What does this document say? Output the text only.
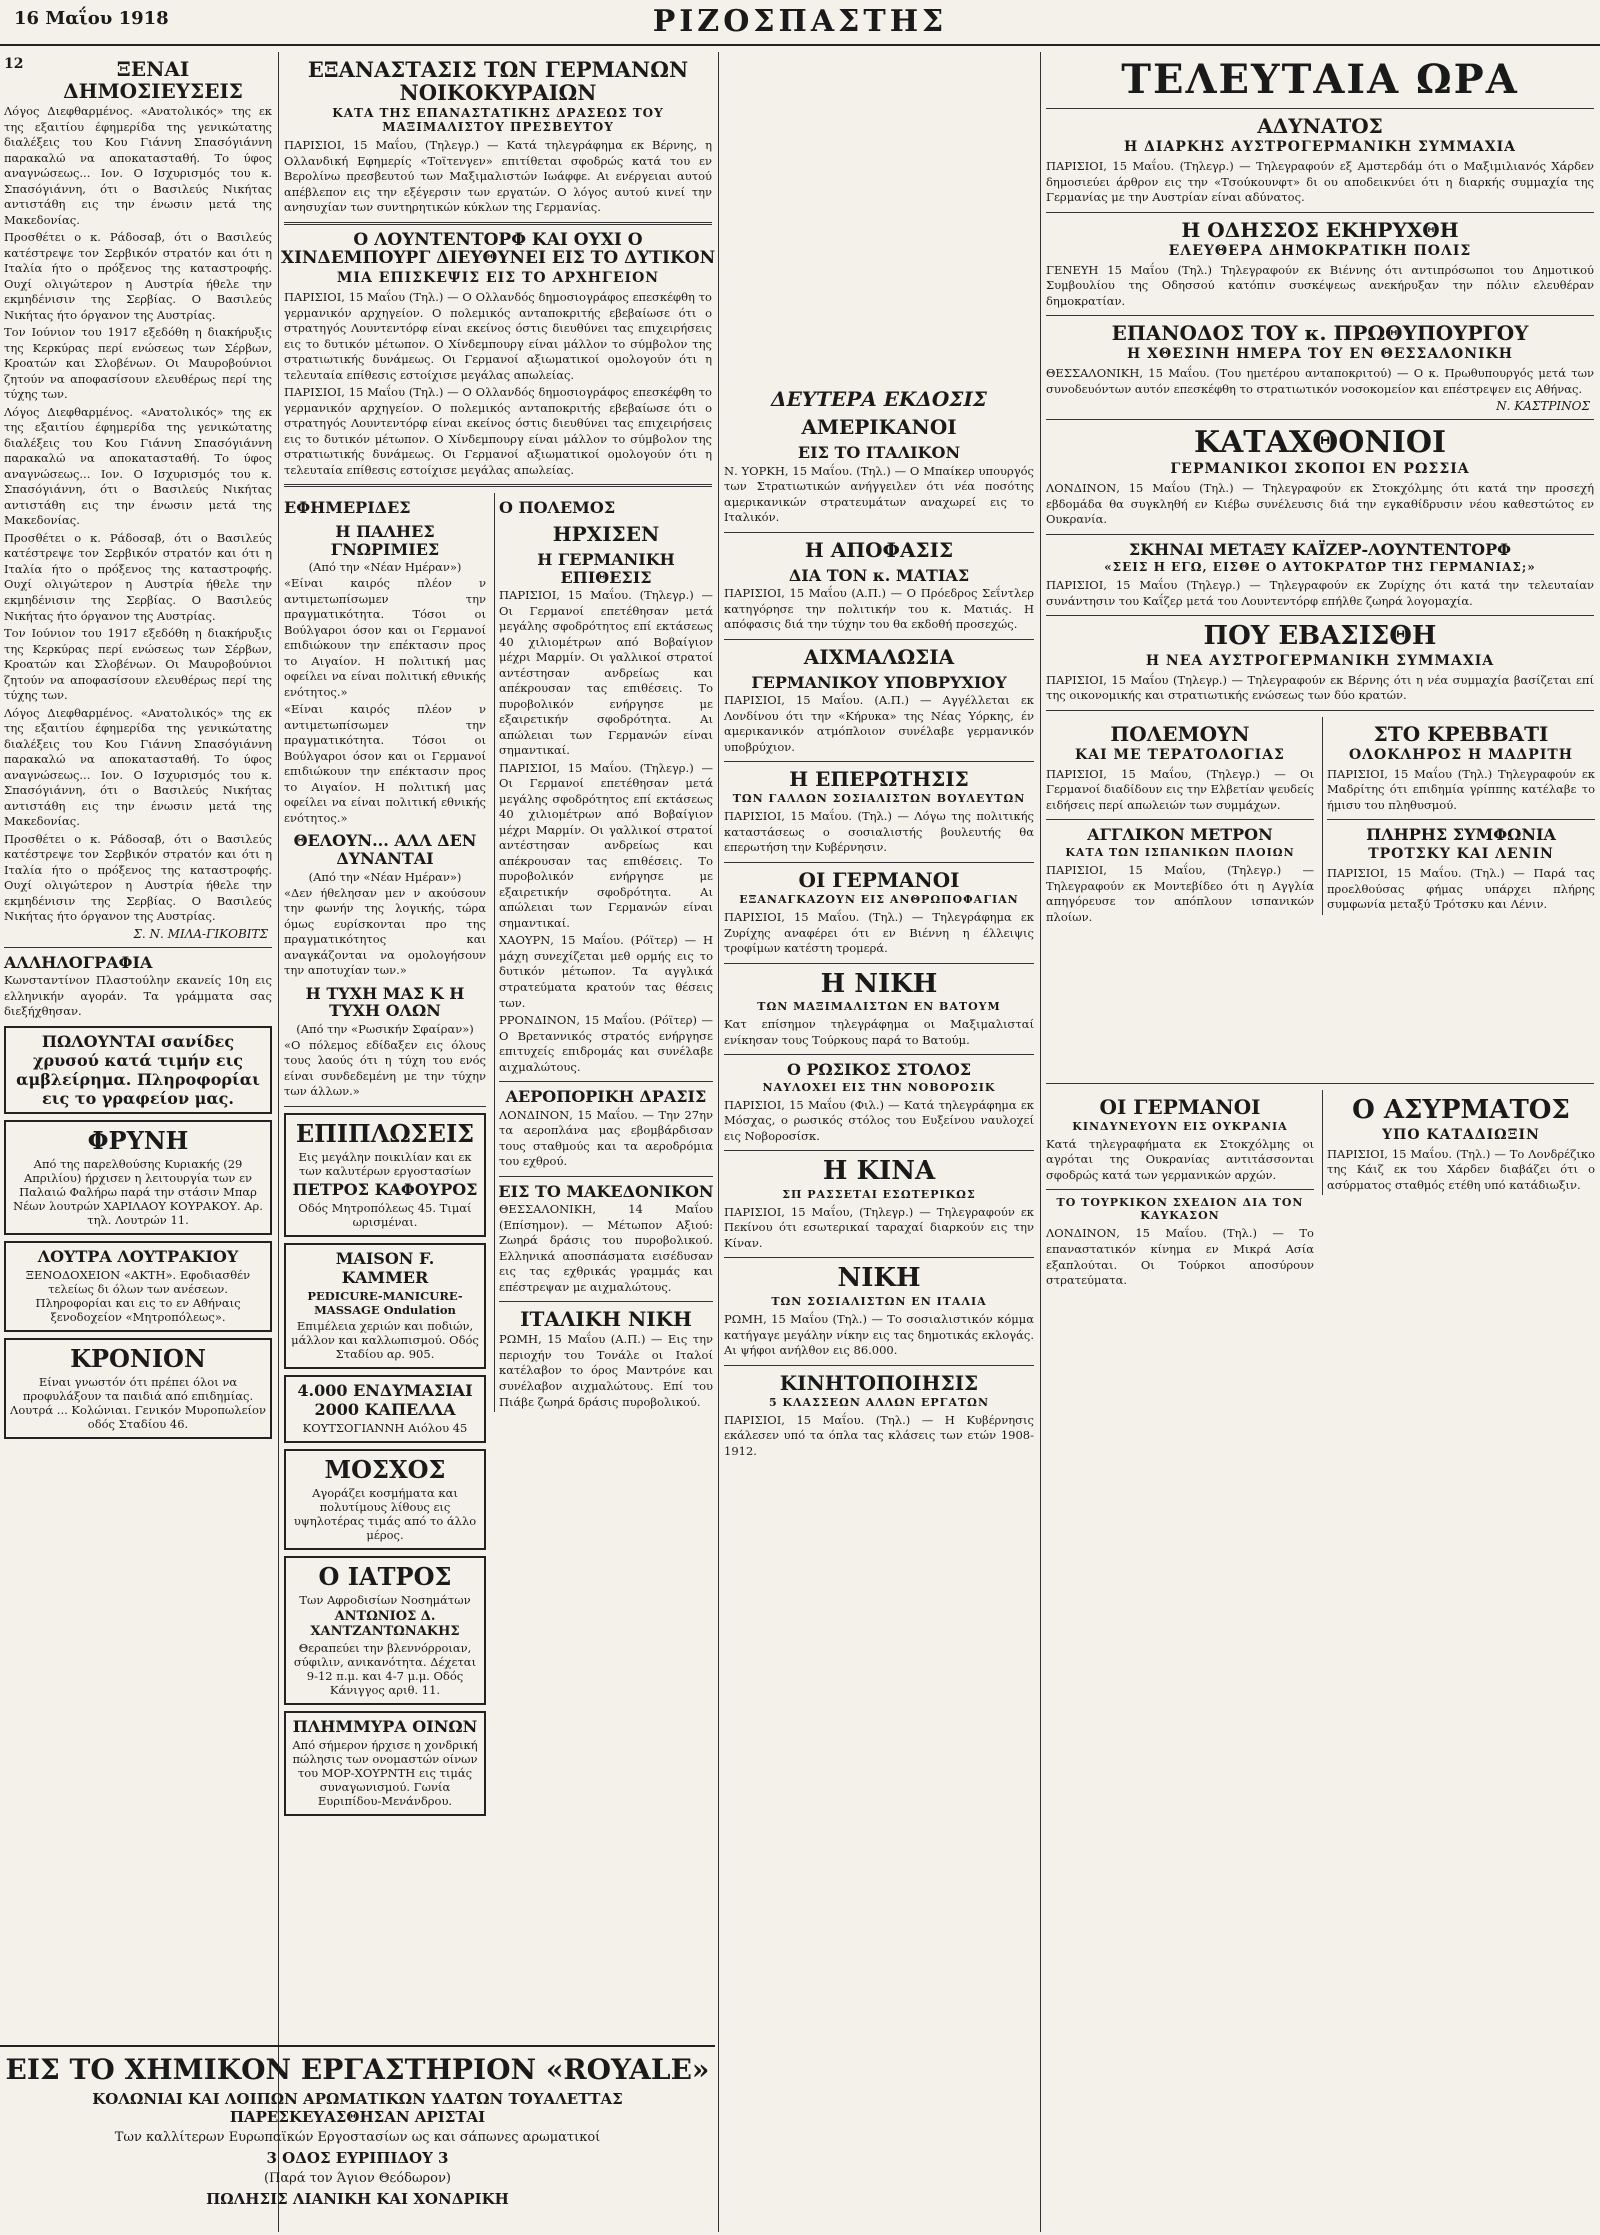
16 Μαΐου 1918	ΡΙΖΟΣΠΑΣΤΗΣ
12	ΞΕΝΑΙ ΔΗΜΟΣΙΕΥΣΕΙΣ
Λόγος Διεφθαρμένος. «Ανατολικός» της εκ της εξαιτίου έφημερίδα της γενικώτατης διαλέξεις του Κου Γιάννη Σπασόγιάννη παρακαλώ να αποκατασταθή. Το ύφος αναγνώσεως... Ιον. Ο Ισχυρισμός του κ. Σπασόγιάννη, ότι ο Βασιλεύς Νικήτας αντιστάθη εις την ένωσιν μετά της Μακεδονίας.
Προσθέτει ο κ. Ράδοσαβ, ότι ο Βασιλεύς κατέστρεψε τον Σερβικόν στρατόν και ότι η Ιταλία ήτο ο πρόξενος της καταστροφής. Ουχί ολιγώτερον η Αυστρία ήθελε την εκμηδένισιν της Σερβίας. Ο Βασιλεύς Νικήτας ήτο όργανον της Αυστρίας.
Τον Ιούνιον του 1917 εξεδόθη η διακήρυξις της Κερκύρας περί ενώσεως των Σέρβων, Κροατών και Σλοβένων. Οι Μαυροβούνιοι ζητούν να αποφασίσουν ελευθέρως περί της τύχης των.
Λόγος Διεφθαρμένος. «Ανατολικός» της εκ της εξαιτίου έφημερίδα της γενικώτατης διαλέξεις του Κου Γιάννη Σπασόγιάννη παρακαλώ να αποκατασταθή. Το ύφος αναγνώσεως... Ιον. Ο Ισχυρισμός του κ. Σπασόγιάννη, ότι ο Βασιλεύς Νικήτας αντιστάθη εις την ένωσιν μετά της Μακεδονίας.
Προσθέτει ο κ. Ράδοσαβ, ότι ο Βασιλεύς κατέστρεψε τον Σερβικόν στρατόν και ότι η Ιταλία ήτο ο πρόξενος της καταστροφής. Ουχί ολιγώτερον η Αυστρία ήθελε την εκμηδένισιν της Σερβίας. Ο Βασιλεύς Νικήτας ήτο όργανον της Αυστρίας.
Τον Ιούνιον του 1917 εξεδόθη η διακήρυξις της Κερκύρας περί ενώσεως των Σέρβων, Κροατών και Σλοβένων. Οι Μαυροβούνιοι ζητούν να αποφασίσουν ελευθέρως περί της τύχης των.
Λόγος Διεφθαρμένος. «Ανατολικός» της εκ της εξαιτίου έφημερίδα της γενικώτατης διαλέξεις του Κου Γιάννη Σπασόγιάννη παρακαλώ να αποκατασταθή. Το ύφος αναγνώσεως... Ιον. Ο Ισχυρισμός του κ. Σπασόγιάννη, ότι ο Βασιλεύς Νικήτας αντιστάθη εις την ένωσιν μετά της Μακεδονίας.
Προσθέτει ο κ. Ράδοσαβ, ότι ο Βασιλεύς κατέστρεψε τον Σερβικόν στρατόν και ότι η Ιταλία ήτο ο πρόξενος της καταστροφής. Ουχί ολιγώτερον η Αυστρία ήθελε την εκμηδένισιν της Σερβίας. Ο Βασιλεύς Νικήτας ήτο όργανον της Αυστρίας.
Σ. Ν. ΜΙΛΑ-ΓΙΚΟΒΙΤΣ
ΑΛΛΗΛΟΓΡΑΦΙΑ
Κωνσταντίνον Πλαστούλην εκανείς 10η εις ελληνικήν αγοράν. Τα γράμματα σας διεξήχθησαν.
ΠΩΛΟΥΝΤΑΙ σανίδες χρυσού κατά τιμήν εις αμβλείρημα. Πληροφορίαι εις το γραφείον μας.
ΦΡΥΝΗ
Από της παρελθούσης Κυριακής (29 Απριλίου) ήρχισεν η λειτουργία των εν Παλαιώ Φαλήρω παρά την στάσιν Μπαρ Νέων λουτρών ΧΑΡΙΛΑΟΥ ΚΟΥΡΑΚΟΥ. Αρ. τηλ. Λουτρών 11.
ΛΟΥΤΡΑ ΛΟΥΤΡΑΚΙΟΥ
ΞΕΝΟΔΟΧΕΙΟΝ «ΑΚΤΗ». Εφοδιασθέν τελείως δι όλων των ανέσεων. Πληροφορίαι και εις το εν Αθήναις ξενοδοχείον «Μητροπόλεως».
ΚΡΟΝΙΟΝ
Είναι γνωστόν ότι πρέπει όλοι να προφυλάξουν τα παιδιά από επιδημίας. Λουτρά ... Κολώνιαι. Γενικόν Μυροπωλείον οδός Σταδίου 46.
ΕΞΑΝΑΣΤΑΣΙΣ ΤΩΝ ΓΕΡΜΑΝΩΝ ΝΟΙΚΟΚΥΡΑΙΩΝ
ΚΑΤΑ ΤΗΣ ΕΠΑΝΑΣΤΑΤΙΚΗΣ ΔΡΑΣΕΩΣ ΤΟΥ ΜΑΞΙΜΑΛΙΣΤΟΥ ΠΡΕΣΒΕΥΤΟΥ
ΠΑΡΙΣΙΟΙ, 15 Μαΐου, (Τηλεγρ.) — Κατά τηλεγράφημα εκ Βέρνης, η Ολλανδική Εφημερίς «Τοϊτενγεν» επιτίθεται σφοδρώς κατά του εν Βερολίνω πρεσβευτού των Μαξιμαλιστών Ιωάφφε. Αι ενέργειαι αυτού απέβλεπον εις την εξέγερσιν των εργατών. Ο λόγος αυτού κινεί την ανησυχίαν των συντηρητικών κύκλων της Γερμανίας.
Ο ΛΟΥΝΤΕΝΤΟΡΦ ΚΑΙ ΟΥΧΙ Ο ΧΙΝΔΕΜΠΟΥΡΓ ΔΙΕΥΘΥΝΕΙ ΕΙΣ ΤΟ ΔΥΤΙΚΟΝ
ΜΙΑ ΕΠΙΣΚΕΨΙΣ ΕΙΣ ΤΟ ΑΡΧΗΓΕΙΟΝ
ΠΑΡΙΣΙΟΙ, 15 Μαΐου (Τηλ.) — Ο Ολλανδός δημοσιογράφος επεσκέφθη το γερμανικόν αρχηγείον. Ο πολεμικός ανταποκριτής εβεβαίωσε ότι ο στρατηγός Λουντεντόρφ είναι εκείνος όστις διευθύνει τας επιχειρήσεις εις το δυτικόν μέτωπον. Ο Χίνδεμπουργ είναι μάλλον το σύμβολον της στρατιωτικής δυνάμεως. Οι Γερμανοί αξιωματικοί ομολογούν ότι η τελευταία επίθεσις εστοίχισε μεγάλας απωλείας.
ΠΑΡΙΣΙΟΙ, 15 Μαΐου (Τηλ.) — Ο Ολλανδός δημοσιογράφος επεσκέφθη το γερμανικόν αρχηγείον. Ο πολεμικός ανταποκριτής εβεβαίωσε ότι ο στρατηγός Λουντεντόρφ είναι εκείνος όστις διευθύνει τας επιχειρήσεις εις το δυτικόν μέτωπον. Ο Χίνδεμπουργ είναι μάλλον το σύμβολον της στρατιωτικής δυνάμεως. Οι Γερμανοί αξιωματικοί ομολογούν ότι η τελευταία επίθεσις εστοίχισε μεγάλας απωλείας.
ΕΦΗΜΕΡΙΔΕΣ
Η ΠΑΛΗΕΣ ΓΝΩΡΙΜΙΕΣ
(Από την «Νέαν Ημέραν»)
«Είναι καιρός πλέον ν αντιμετωπίσωμεν την πραγματικότητα. Τόσοι οι Βούλγαροι όσον και οι Γερμανοί επιδιώκουν την επέκτασιν προς το Αιγαίον. Η πολιτική μας οφείλει να είναι πολιτική εθνικής ενότητος.»
«Είναι καιρός πλέον ν αντιμετωπίσωμεν την πραγματικότητα. Τόσοι οι Βούλγαροι όσον και οι Γερμανοί επιδιώκουν την επέκτασιν προς το Αιγαίον. Η πολιτική μας οφείλει να είναι πολιτική εθνικής ενότητος.»
ΘΕΛΟΥΝ... ΑΛΛ ΔΕΝ ΔΥΝΑΝΤΑΙ
(Από την «Νέαν Ημέραν»)
«Δεν ήθελησαν μεν ν ακούσουν την φωνήν της λογικής, τώρα όμως ευρίσκονται προ της πραγματικότητος και αναγκάζονται να ομολογήσουν την αποτυχίαν των.»
Η ΤΥΧΗ ΜΑΣ Κ Η ΤΥΧΗ ΟΛΩΝ
(Από την «Ρωσικήν Σφαίραν»)
«Ο πόλεμος εδίδαξεν εις όλους τους λαούς ότι η τύχη του ενός είναι συνδεδεμένη με την τύχην των άλλων.»
ΕΠΙΠΛΩΣΕΙΣ
Εις μεγάλην ποικιλίαν και εκ των καλυτέρων εργοστασίων
ΠΕΤΡΟΣ ΚΑΦΟΥΡΟΣ
Οδός Μητροπόλεως 45. Τιμαί ωρισμέναι.
MAISON F. KAMMER
PEDICURE-MANICURE-MASSAGE Ondulation
Επιμέλεια χεριών και ποδιών, μάλλον και καλλωπισμού. Οδός Σταδίου αρ. 905.
4.000 ΕΝΔΥΜΑΣΙΑΙ
2000 ΚΑΠΕΛΛΑ
ΚΟΥΤΣΟΓΙΑΝΝΗ Αιόλου 45
ΜΟΣΧΟΣ
Αγοράζει κοσμήματα και πολυτίμους λίθους εις υψηλοτέρας τιμάς από το άλλο μέρος.
Ο ΙΑΤΡΟΣ
Των Αφροδισίων Νοσημάτων
ΑΝΤΩΝΙΟΣ Δ. ΧΑΝΤΖΑΝΤΩΝΑΚΗΣ
Θεραπεύει την βλεννόρροιαν, σύφιλιν, ανικανότητα. Δέχεται 9-12 π.μ. και 4-7 μ.μ. Οδός Κάνιγγος αριθ. 11.
ΠΛΗΜΜΥΡΑ ΟΙΝΩΝ
Από σήμερον ήρχισε η χονδρική πώλησις των ονομαστών οίνων του ΜΟΡ-ΧΟΥΡΝΤΗ εις τιμάς συναγωνισμού. Γωνία Ευριπίδου-Μενάνδρου.
Ο ΠΟΛΕΜΟΣ
ΗΡΧΙΣΕΝ
Η ΓΕΡΜΑΝΙΚΗ ΕΠΙΘΕΣΙΣ
ΠΑΡΙΣΙΟΙ, 15 Μαΐου. (Τηλεγρ.) — Οι Γερμανοί επετέθησαν μετά μεγάλης σφοδρότητος επί εκτάσεως 40 χιλιομέτρων από Βοβαίγιον μέχρι Μαρμίν. Οι γαλλικοί στρατοί αντέστησαν ανδρείως και απέκρουσαν τας επιθέσεις. Το πυροβολικόν ενήργησε με εξαιρετικήν σφοδρότητα. Αι απώλειαι των Γερμανών είναι σημαντικαί.
ΠΑΡΙΣΙΟΙ, 15 Μαΐου. (Τηλεγρ.) — Οι Γερμανοί επετέθησαν μετά μεγάλης σφοδρότητος επί εκτάσεως 40 χιλιομέτρων από Βοβαίγιον μέχρι Μαρμίν. Οι γαλλικοί στρατοί αντέστησαν ανδρείως και απέκρουσαν τας επιθέσεις. Το πυροβολικόν ενήργησε με εξαιρετικήν σφοδρότητα. Αι απώλειαι των Γερμανών είναι σημαντικαί.
ΧΑΟΥΡΝ, 15 Μαΐου. (Ρόϊτερ) — Η μάχη συνεχίζεται μεθ ορμής εις το δυτικόν μέτωπον. Τα αγγλικά στρατεύματα κρατούν τας θέσεις των.
ΡΡΟΝΔΙΝΟΝ, 15 Μαΐου. (Ρόϊτερ) — Ο Βρεταννικός στρατός ενήργησε επιτυχείς επιδρομάς και συνέλαβε αιχμαλώτους.
ΑΕΡΟΠΟΡΙΚΗ ΔΡΑΣΙΣ
ΛΟΝΔΙΝΟΝ, 15 Μαΐου. — Την 27ην τα αεροπλάνα μας εβομβάρδισαν τους σταθμούς και τα αεροδρόμια του εχθρού.
ΕΙΣ ΤΟ ΜΑΚΕΔΟΝΙΚΟΝ
ΘΕΣΣΑΛΟΝΙΚΗ, 14 Μαΐου (Επίσημον). — Μέτωπον Αξιού: Ζωηρά δράσις του πυροβολικού. Ελληνικά αποσπάσματα εισέδυσαν εις τας εχθρικάς γραμμάς και επέστρεψαν με αιχμαλώτους.
ΙΤΑΛΙΚΗ ΝΙΚΗ
ΡΩΜΗ, 15 Μαΐου (Α.Π.) — Εις την περιοχήν του Τονάλε οι Ιταλοί κατέλαβον το όρος Μαντρόνε και συνέλαβον αιχμαλώτους. Επί του Πιάβε ζωηρά δράσις πυροβολικού.
ΔΕΥΤΕΡΑ ΕΚΔΟΣΙΣ
ΑΜΕΡΙΚΑΝΟΙ
ΕΙΣ ΤΟ ΙΤΑΛΙΚΟΝ
Ν. ΥΟΡΚΗ, 15 Μαΐου. (Τηλ.) — Ο Μπαίκερ υπουργός των Στρατιωτικών ανήγγειλεν ότι νέα ποσότης αμερικανικών στρατευμάτων αναχωρεί εις το Ιταλικόν.
Η ΑΠΟΦΑΣΙΣ
ΔΙΑ ΤΟΝ κ. ΜΑΤΙΑΣ
ΠΑΡΙΣΙΟΙ, 15 Μαΐου (Α.Π.) — Ο Πρόεδρος Σεΐντλερ κατηγόρησε την πολιτικήν του κ. Ματιάς. Η απόφασις διά την τύχην του θα εκδοθή προσεχώς.
ΑΙΧΜΑΛΩΣΙΑ
ΓΕΡΜΑΝΙΚΟΥ ΥΠΟΒΡΥΧΙΟΥ
ΠΑΡΙΣΙΟΙ, 15 Μαΐου. (Α.Π.) — Αγγέλλεται εκ Λονδίνου ότι την «Κήρυκα» της Νέας Υόρκης, έν αμερικανικόν ατμόπλοιον συνέλαβε γερμανικόν υποβρύχιον.
Η ΕΠΕΡΩΤΗΣΙΣ
ΤΩΝ ΓΑΛΛΩΝ ΣΟΣΙΑΛΙΣΤΩΝ ΒΟΥΛΕΥΤΩΝ
ΠΑΡΙΣΙΟΙ, 15 Μαΐου. (Τηλ.) — Λόγω της πολιτικής καταστάσεως ο σοσιαλιστής βουλευτής θα επερωτήση την Κυβέρνησιν.
ΟΙ ΓΕΡΜΑΝΟΙ
ΕΞΑΝΑΓΚΑΖΟΥΝ ΕΙΣ ΑΝΘΡΩΠΟΦΑΓΙΑΝ
ΠΑΡΙΣΙΟΙ, 15 Μαΐου. (Τηλ.) — Τηλεγράφημα εκ Ζυρίχης αναφέρει ότι εν Βιέννη η έλλειψις τροφίμων κατέστη τρομερά.
Η ΝΙΚΗ
ΤΩΝ ΜΑΞΙΜΑΛΙΣΤΩΝ ΕΝ ΒΑΤΟΥΜ
Κατ επίσημον τηλεγράφημα οι Μαξιμαλισταί ενίκησαν τους Τούρκους παρά το Βατούμ.
Ο ΡΩΣΙΚΟΣ ΣΤΟΛΟΣ
ΝΑΥΛΟΧΕΙ ΕΙΣ ΤΗΝ ΝΟΒΟΡΟΣΙΚ
ΠΑΡΙΣΙΟΙ, 15 Μαΐου (Φιλ.) — Κατά τηλεγράφημα εκ Μόσχας, ο ρωσικός στόλος του Ευξείνου ναυλοχεί εις Νοβοροσίσκ.
Η ΚΙΝΑ
ΣΠ ΡΑΣΣΕΤΑΙ ΕΣΩΤΕΡΙΚΩΣ
ΠΑΡΙΣΙΟΙ, 15 Μαΐου, (Τηλεγρ.) — Τηλεγραφούν εκ Πεκίνου ότι εσωτερικαί ταραχαί διαρκούν εις την Κίναν.
ΝΙΚΗ
ΤΩΝ ΣΟΣΙΑΛΙΣΤΩΝ ΕΝ ΙΤΑΛΙΑ
ΡΩΜΗ, 15 Μαΐου (Τηλ.) — Το σοσιαλιστικόν κόμμα κατήγαγε μεγάλην νίκην εις τας δημοτικάς εκλογάς. Αι ψήφοι ανήλθον εις 86.000.
ΚΙΝΗΤΟΠΟΙΗΣΙΣ
5 ΚΛΑΣΣΕΩΝ ΑΛΛΩΝ ΕΡΓΑΤΩΝ
ΠΑΡΙΣΙΟΙ, 15 Μαΐου. (Τηλ.) — Η Κυβέρνησις εκάλεσεν υπό τα όπλα τας κλάσεις των ετών 1908-1912.
ΤΕΛΕΥΤΑΙΑ ΩΡΑ
ΑΔΥΝΑΤΟΣ
Η ΔΙΑΡΚΗΣ ΑΥΣΤΡΟΓΕΡΜΑΝΙΚΗ ΣΥΜΜΑΧΙΑ
ΠΑΡΙΣΙΟΙ, 15 Μαΐου. (Τηλεγρ.) — Τηλεγραφούν εξ Αμστερδάμ ότι ο Μαξιμιλιανός Χάρδεν δημοσιεύει άρθρον εις την «Τσούκουνφτ» δι ου αποδεικνύει ότι η διαρκής συμμαχία της Γερμανίας με την Αυστρίαν είναι αδύνατος.
Η ΟΔΗΣΣΟΣ ΕΚΗΡΥΧΘΗ
ΕΛΕΥΘΕΡΑ ΔΗΜΟΚΡΑΤΙΚΗ ΠΟΛΙΣ
ΓΕΝΕΥΗ 15 Μαΐου (Τηλ.) Τηλεγραφούν εκ Βιέννης ότι αντιπρόσωποι του Δημοτικού Συμβουλίου της Οδησσού κατόπιν συσκέψεως ανεκήρυξαν την πόλιν ελευθέραν δημοκρατίαν.
ΕΠΑΝΟΔΟΣ ΤΟΥ κ. ΠΡΩΘΥΠΟΥΡΓΟΥ
Η ΧΘΕΣΙΝΗ ΗΜΕΡΑ ΤΟΥ ΕΝ ΘΕΣΣΑΛΟΝΙΚΗ
ΘΕΣΣΑΛΟΝΙΚΗ, 15 Μαΐου. (Του ημετέρου ανταποκριτού) — Ο κ. Πρωθυπουργός μετά των συνοδευόντων αυτόν επεσκέφθη το στρατιωτικόν νοσοκομείον και επέστρεψεν εις Αθήνας.
Ν. ΚΑΣΤΡΙΝΟΣ
ΚΑΤΑΧΘΟΝΙΟΙ
ΓΕΡΜΑΝΙΚΟΙ ΣΚΟΠΟΙ ΕΝ ΡΩΣΣΙΑ
ΛΟΝΔΙΝΟΝ, 15 Μαΐου (Τηλ.) — Τηλεγραφούν εκ Στοκχόλμης ότι κατά την προσεχή εβδομάδα θα συγκληθή εν Κιέβω συνέλευσις διά την εγκαθίδρυσιν νέου καθεστώτος εν Ουκρανία.
ΣΚΗΝΑΙ ΜΕΤΑΞΥ ΚΑΪΖΕΡ-ΛΟΥΝΤΕΝΤΟΡΦ
«ΣΕΙΣ Η ΕΓΩ, ΕΙΣΘΕ Ο ΑΥΤΟΚΡΑΤΩΡ ΤΗΣ ΓΕΡΜΑΝΙΑΣ;»
ΠΑΡΙΣΙΟΙ, 15 Μαΐου (Τηλεγρ.) — Τηλεγραφούν εκ Ζυρίχης ότι κατά την τελευταίαν συνάντησιν του Καΐζερ μετά του Λουντεντόρφ επήλθε ζωηρά λογομαχία.
ΠΟΥ ΕΒΑΣΙΣΘΗ
Η ΝΕΑ ΑΥΣΤΡΟΓΕΡΜΑΝΙΚΗ ΣΥΜΜΑΧΙΑ
ΠΑΡΙΣΙΟΙ, 15 Μαΐου (Τηλεγρ.) — Τηλεγραφούν εκ Βέρνης ότι η νέα συμμαχία βασίζεται επί της οικονομικής και στρατιωτικής ενώσεως των δύο κρατών.
ΠΟΛΕΜΟΥΝ
ΚΑΙ ΜΕ ΤΕΡΑΤΟΛΟΓΙΑΣ
ΠΑΡΙΣΙΟΙ, 15 Μαΐου, (Τηλεγρ.) — Οι Γερμανοί διαδίδουν εις την Ελβετίαν ψευδείς ειδήσεις περί απωλειών των συμμάχων.
ΑΓΓΛΙΚΟΝ ΜΕΤΡΟΝ
ΚΑΤΑ ΤΩΝ ΙΣΠΑΝΙΚΩΝ ΠΛΟΙΩΝ
ΠΑΡΙΣΙΟΙ, 15 Μαΐου, (Τηλεγρ.) — Τηλεγραφούν εκ Μοντεβίδεο ότι η Αγγλία απηγόρευσε τον απόπλουν ισπανικών πλοίων.
ΣΤΟ ΚΡΕΒΒΑΤΙ
ΟΛΟΚΛΗΡΟΣ Η ΜΑΔΡΙΤΗ
ΠΑΡΙΣΙΟΙ, 15 Μαΐου (Τηλ.) Τηλεγραφούν εκ Μαδρίτης ότι επιδημία γρίππης κατέλαβε το ήμισυ του πληθυσμού.
ΠΛΗΡΗΣ ΣΥΜΦΩΝΙΑ
ΤΡΟΤΣΚΥ ΚΑΙ ΛΕΝΙΝ
ΠΑΡΙΣΙΟΙ, 15 Μαΐου. (Τηλ.) — Παρά τας προελθούσας φήμας υπάρχει πλήρης συμφωνία μεταξύ Τρότσκυ και Λένιν.
ΟΙ ΓΕΡΜΑΝΟΙ
ΚΙΝΔΥΝΕΥΟΥΝ ΕΙΣ ΟΥΚΡΑΝΙΑ
Κατά τηλεγραφήματα εκ Στοκχόλμης οι αγρόται της Ουκρανίας αντιτάσσονται σφοδρώς κατά των γερμανικών αρχών.
ΤΟ ΤΟΥΡΚΙΚΟΝ ΣΧΕΔΙΟΝ ΔΙΑ ΤΟΝ ΚΑΥΚΑΣΟΝ
ΛΟΝΔΙΝΟΝ, 15 Μαΐου. (Τηλ.) — Το επαναστατικόν κίνημα εν Μικρά Ασία εξαπλούται. Οι Τούρκοι αποσύρουν στρατεύματα.
Ο ΑΣΥΡΜΑΤΟΣ
ΥΠΟ ΚΑΤΑΔΙΩΞΙΝ
ΠΑΡΙΣΙΟΙ, 15 Μαΐου. (Τηλ.) — Το Λονδρέζικο της Κάιζ εκ του Χάρδεν διαβάζει ότι ο ασύρματος σταθμός ετέθη υπό κατάδιωξιν.
ΕΙΣ ΤΟ ΧΗΜΙΚΟΝ ΕΡΓΑΣΤΗΡΙΟΝ «ROYALE»
ΚΟΛΩΝΙΑΙ ΚΑΙ ΛΟΙΠΩΝ ΑΡΩΜΑΤΙΚΩΝ ΥΔΑΤΩΝ ΤΟΥΑΛΕΤΤΑΣ ΠΑΡΕΣΚΕΥΑΣΘΗΣΑΝ ΑΡΙΣΤΑΙ
Των καλλίτερων Ευρωπαϊκών Εργοστασίων ως και σάπωνες αρωματικοί
3 ΟΔΟΣ ΕΥΡΙΠΙΔΟΥ 3
(Παρά τον Άγιον Θεόδωρον)
ΠΩΛΗΣΙΣ ΛΙΑΝΙΚΗ ΚΑΙ ΧΟΝΔΡΙΚΗ
